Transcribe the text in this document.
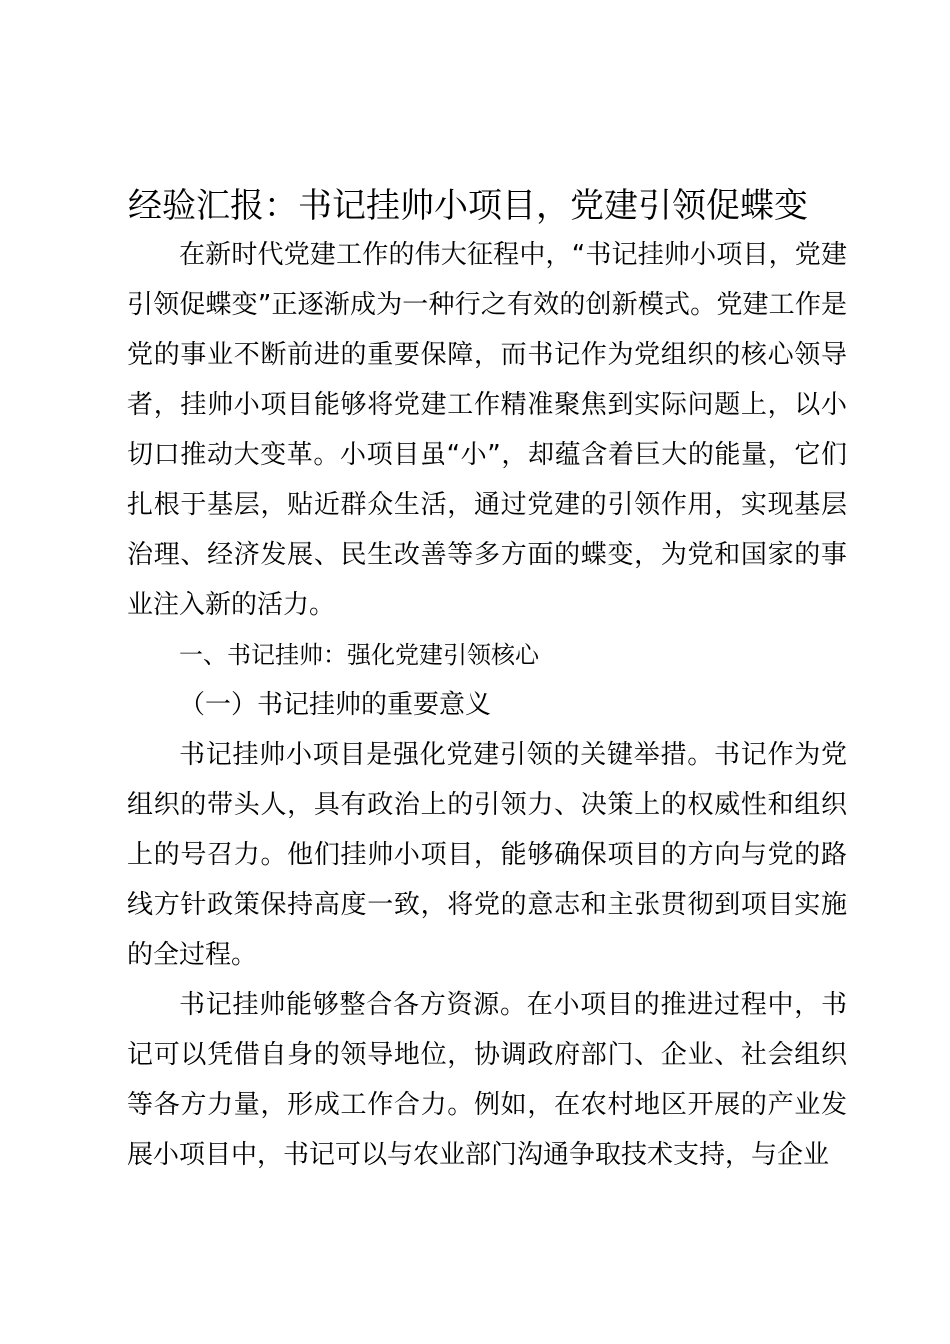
经验汇报：书记挂帅小项目，党建引领促蝶变

在新时代党建工作的伟大征程中，“书记挂帅小项目，党建引领促蝶变”正逐渐成为一种行之有效的创新模式。党建工作是党的事业不断前进的重要保障，而书记作为党组织的核心领导者，挂帅小项目能够将党建工作精准聚焦到实际问题上，以小切口推动大变革。小项目虽“小”，却蕴含着巨大的能量，它们扎根于基层，贴近群众生活，通过党建的引领作用，实现基层治理、经济发展、民生改善等多方面的蝶变，为党和国家的事业注入新的活力。

一、书记挂帅：强化党建引领核心

（一）书记挂帅的重要意义

书记挂帅小项目是强化党建引领的关键举措。书记作为党组织的带头人，具有政治上的引领力、决策上的权威性和组织上的号召力。他们挂帅小项目，能够确保项目的方向与党的路线方针政策保持高度一致，将党的意志和主张贯彻到项目实施的全过程。

书记挂帅能够整合各方资源。在小项目的推进过程中，书记可以凭借自身的领导地位，协调政府部门、企业、社会组织等各方力量，形成工作合力。例如，在农村地区开展的产业发展小项目中，书记可以与农业部门沟通争取技术支持，与企业
